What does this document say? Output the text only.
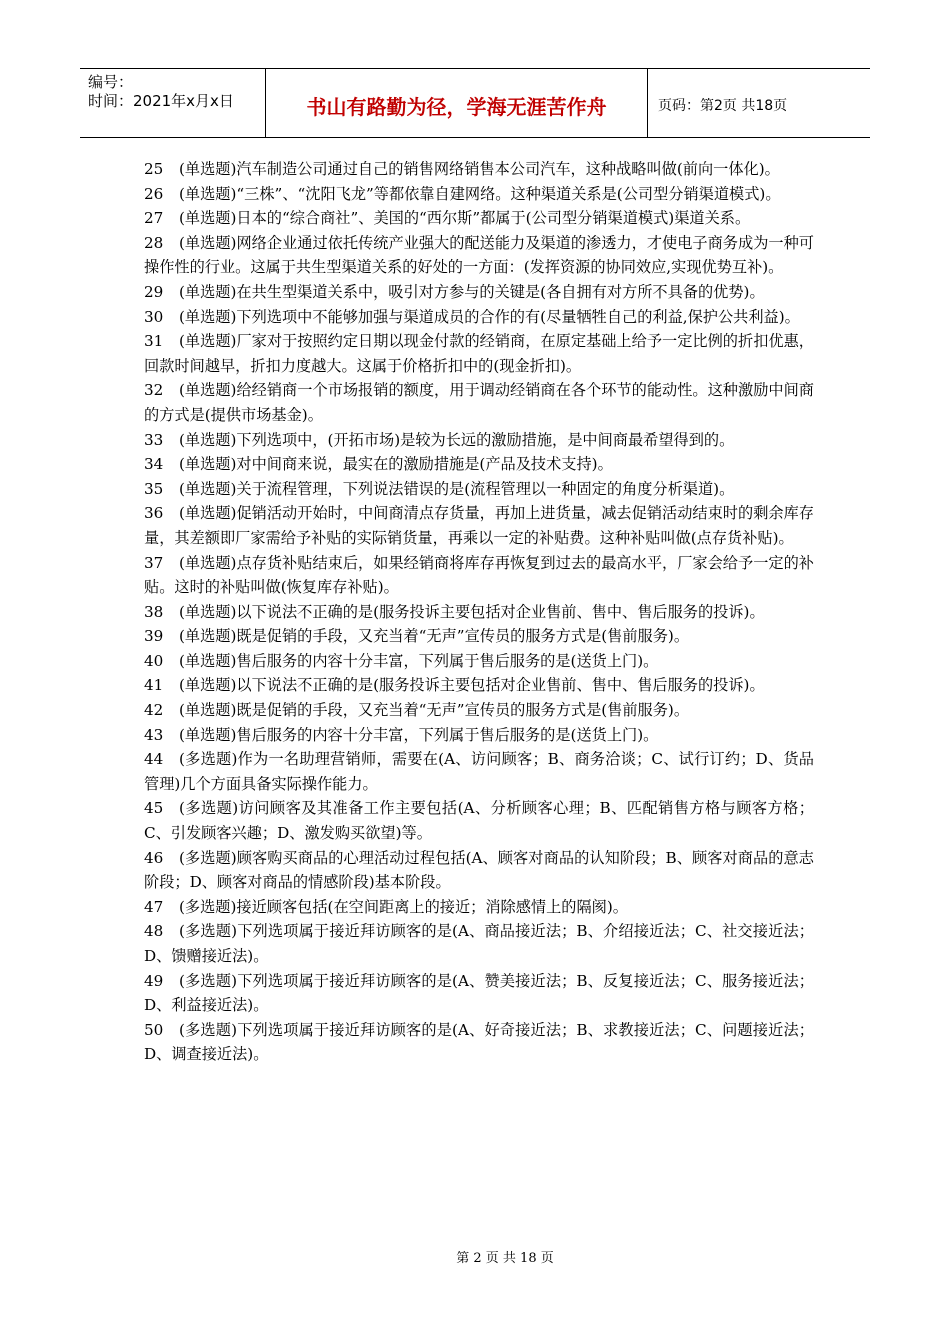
编号：
时间：2021年x月x日	书山有路勤为径，学海无涯苦作舟	页码：第2页 共18页

25 (单选题)汽车制造公司通过自己的销售网络销售本公司汽车，这种战略叫做(前向一体化)。

26 (单选题)“三株”、“沈阳飞龙”等都依靠自建网络。这种渠道关系是(公司型分销渠道模式)。

27 (单选题)日本的“综合商社”、美国的“西尔斯”都属于(公司型分销渠道模式)渠道关系。

28 (单选题)网络企业通过依托传统产业强大的配送能力及渠道的渗透力，才使电子商务成为一种可操作性的行业。这属于共生型渠道关系的好处的一方面：(发挥资源的协同效应,实现优势互补)。

29 (单选题)在共生型渠道关系中，吸引对方参与的关键是(各自拥有对方所不具备的优势)。

30 (单选题)下列选项中不能够加强与渠道成员的合作的有(尽量牺牲自己的利益,保护公共利益)。

31 (单选题)厂家对于按照约定日期以现金付款的经销商，在原定基础上给予一定比例的折扣优惠，回款时间越早，折扣力度越大。这属于价格折扣中的(现金折扣)。

32 (单选题)给经销商一个市场报销的额度，用于调动经销商在各个环节的能动性。这种激励中间商的方式是(提供市场基金)。

33 (单选题)下列选项中，(开拓市场)是较为长远的激励措施，是中间商最希望得到的。

34 (单选题)对中间商来说，最实在的激励措施是(产品及技术支持)。

35 (单选题)关于流程管理，下列说法错误的是(流程管理以一种固定的角度分析渠道)。

36 (单选题)促销活动开始时，中间商清点存货量，再加上进货量，减去促销活动结束时的剩余库存量，其差额即厂家需给予补贴的实际销货量，再乘以一定的补贴费。这种补贴叫做(点存货补贴)。

37 (单选题)点存货补贴结束后，如果经销商将库存再恢复到过去的最高水平，厂家会给予一定的补贴。这时的补贴叫做(恢复库存补贴)。

38 (单选题)以下说法不正确的是(服务投诉主要包括对企业售前、售中、售后服务的投诉)。

39 (单选题)既是促销的手段，又充当着“无声”宣传员的服务方式是(售前服务)。

40 (单选题)售后服务的内容十分丰富，下列属于售后服务的是(送货上门)。

41 (单选题)以下说法不正确的是(服务投诉主要包括对企业售前、售中、售后服务的投诉)。

42 (单选题)既是促销的手段，又充当着“无声”宣传员的服务方式是(售前服务)。

43 (单选题)售后服务的内容十分丰富，下列属于售后服务的是(送货上门)。

44 (多选题)作为一名助理营销师，需要在(A、访问顾客；B、商务洽谈；C、试行订约；D、货品管理)几个方面具备实际操作能力。

45 (多选题)访问顾客及其准备工作主要包括(A、分析顾客心理；B、匹配销售方格与顾客方格；C、引发顾客兴趣；D、激发购买欲望)等。

46 (多选题)顾客购买商品的心理活动过程包括(A、顾客对商品的认知阶段；B、顾客对商品的意志阶段；D、顾客对商品的情感阶段)基本阶段。

47 (多选题)接近顾客包括(在空间距离上的接近；消除感情上的隔阂)。

48 (多选题)下列选项属于接近拜访顾客的是(A、商品接近法；B、介绍接近法；C、社交接近法；D、馈赠接近法)。

49 (多选题)下列选项属于接近拜访顾客的是(A、赞美接近法；B、反复接近法；C、服务接近法；D、利益接近法)。

50 (多选题)下列选项属于接近拜访顾客的是(A、好奇接近法；B、求教接近法；C、问题接近法；D、调查接近法)。

第 2 页 共 18 页
